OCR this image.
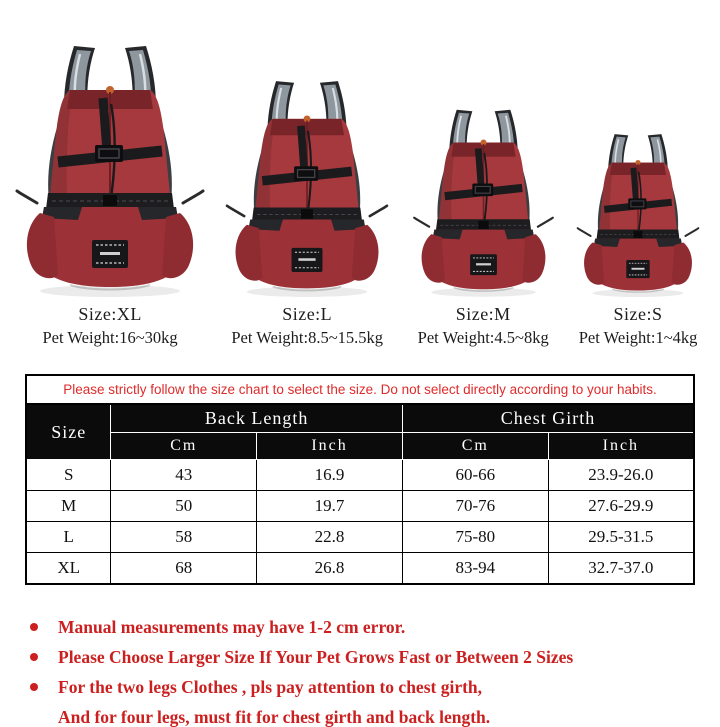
Size:XL
Pet Weight:16~30kg
Size:L
Pet Weight:8.5~15.5kg
Size:M
Pet Weight:4.5~8kg
Size:S
Pet Weight:1~4kg
Please strictly follow the size chart to select the size. Do not select directly according to your habits.				
Size	Back Length		Chest Girth	
	Cm	Inch	Cm	Inch
S	43	16.9	60-66	23.9-26.0
M	50	19.7	70-76	27.6-29.9
L	58	22.8	75-80	29.5-31.5
XL	68	26.8	83-94	32.7-37.0
Manual measurements may have 1-2 cm error.
Please Choose Larger Size If Your Pet Grows Fast or Between 2 Sizes
For the two legs Clothes , pls pay attention to chest girth,
And for four legs, must fit for chest girth and back length.
